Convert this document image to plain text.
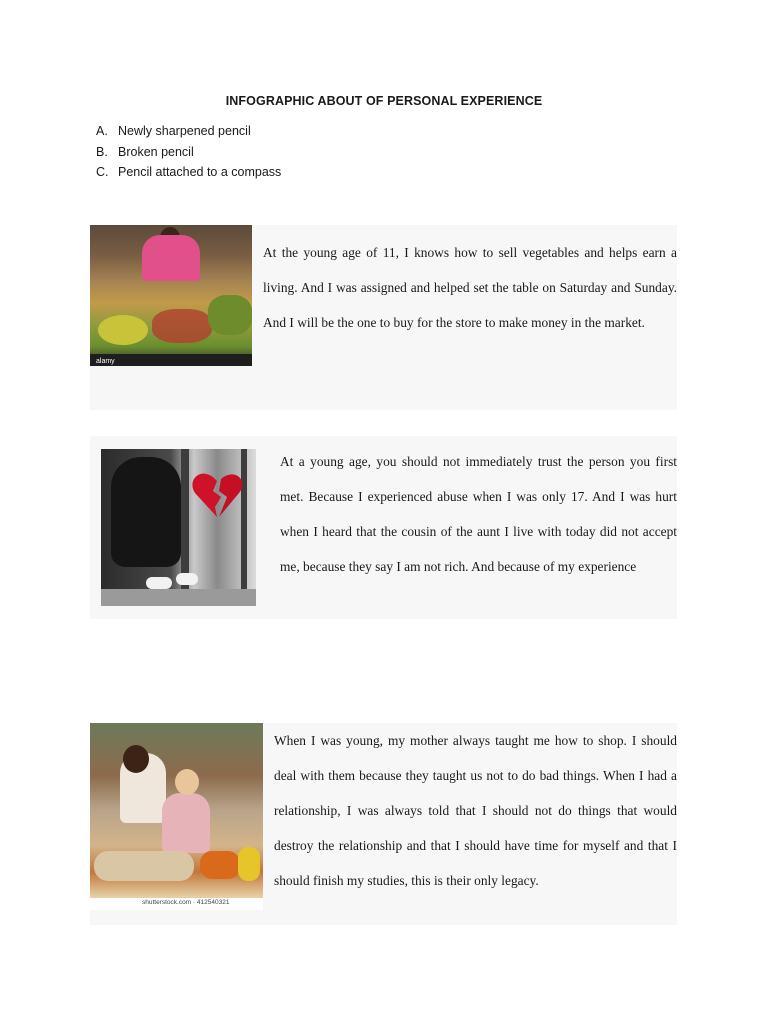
INFOGRAPHIC ABOUT OF PERSONAL EXPERIENCE
A. Newly sharpened pencil
B. Broken pencil
C. Pencil attached to a compass
alamy
At the young age of 11, I knows how to sell vegetables and helps earn a living. And I was assigned and helped set the table on Saturday and Sunday. And I will be the one to buy for the store to make money in the market.
At a young age, you should not immediately trust the person you first met. Because I experienced abuse when I was only 17. And I was hurt when I heard that the cousin of the aunt I live with today did not accept me, because they say I am not rich. And because of my experience
shutterstock.com · 412540321
When I was young, my mother always taught me how to shop. I should deal with them because they taught us not to do bad things. When I had a relationship, I was always told that I should not do things that would destroy the relationship and that I should have time for myself and that I should finish my studies, this is their only legacy.
